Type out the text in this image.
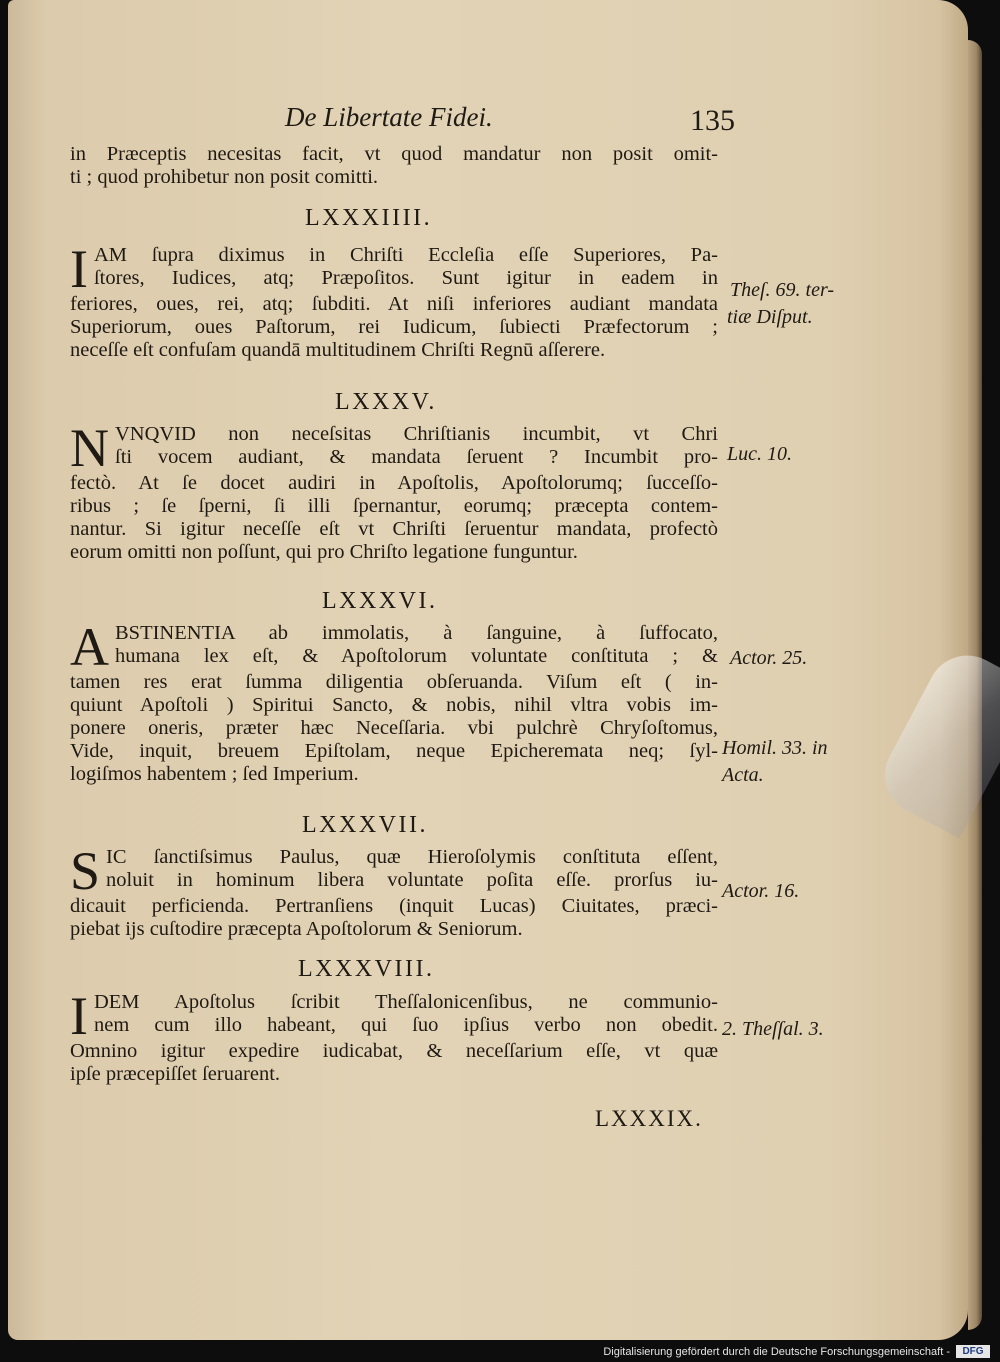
De Libertate Fidei.	135
in Præceptis necesitas facit, vt quod mandatur non posit omit-
ti ; quod prohibetur non posit comitti.
LXXXIIII.
I AM ſupra diximus in Chriſti Eccleſia eſſe Superiores, Pa-
ſtores, Iudices, atq; Præpoſitos. Sunt igitur in eadem in
feriores, oues, rei, atq; ſubditi. At niſi inferiores audiant mandata
Superiorum, oues Paſtorum, rei Iudicum, ſubiecti Præfectorum ;
neceſſe eſt confuſam quandā multitudinem Chriſti Regnū aſſerere.
LXXXV.
N VNQVID non neceſsitas Chriſtianis incumbit, vt Chri
ſti vocem audiant, & mandata ſeruent ? Incumbit pro-
fectò. At ſe docet audiri in Apoſtolis, Apoſtolorumq; ſucceſſo-
ribus ; ſe ſperni, ſi illi ſpernantur, eorumq; præcepta contem-
nantur. Si igitur neceſſe eſt vt Chriſti ſeruentur mandata, profectò
eorum omitti non poſſunt, qui pro Chriſto legatione funguntur.
LXXXVI.
A BSTINENTIA ab immolatis, à ſanguine, à ſuffocato,
humana lex eſt, & Apoſtolorum voluntate conſtituta ; &
tamen res erat ſumma diligentia obſeruanda. Viſum eſt ( in-
quiunt Apoſtoli ) Spiritui Sancto, & nobis, nihil vltra vobis im-
ponere oneris, præter hæc Neceſſaria. vbi pulchrè Chryſoſtomus,
Vide, inquit, breuem Epiſtolam, neque Epicheremata neq; ſyl-
logiſmos habentem ; ſed Imperium.
LXXXVII.
S IC ſanctiſsimus Paulus, quæ Hieroſolymis conſtituta eſſent,
noluit in hominum libera voluntate poſita eſſe. prorſus iu-
dicauit perficienda. Pertranſiens (inquit Lucas) Ciuitates, præci-
piebat ijs cuſtodire præcepta Apoſtolorum & Seniorum.
LXXXVIII.
I DEM Apoſtolus ſcribit Theſſalonicenſibus, ne communio-
nem cum illo habeant, qui ſuo ipſius verbo non obedit.
Omnino igitur expedire iudicabat, & neceſſarium eſſe, vt quæ
ipſe præcepiſſet ſeruarent.
LXXXIX.
Theſ. 69. ter-
tiæ Diſput.
Luc. 10.
Actor. 25.
Homil. 33. in
Acta.
Actor. 16.
2. Theſſal. 3.
Digitalisierung gefördert durch die Deutsche Forschungsgemeinschaft -	DFG
